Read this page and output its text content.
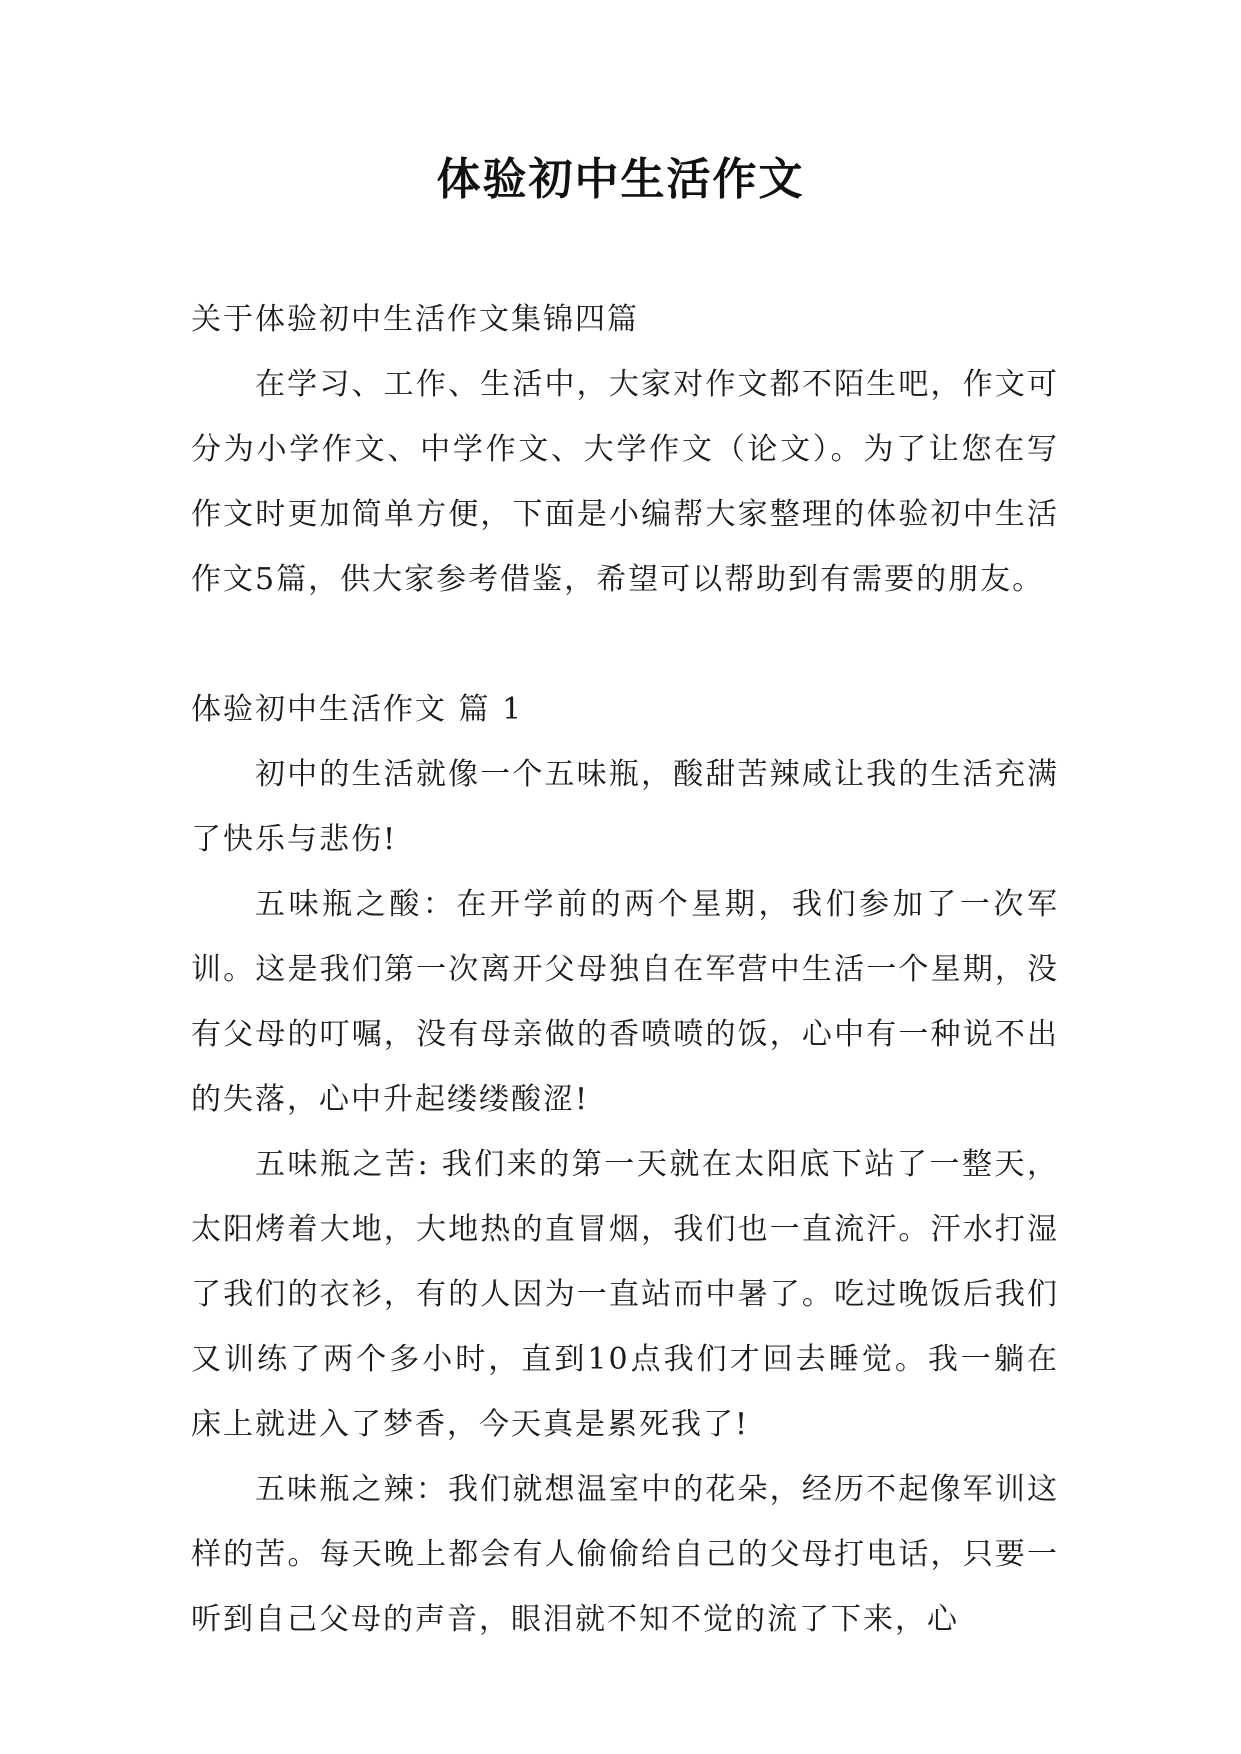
体验初中生活作文

关于体验初中生活作文集锦四篇

在学习、工作、生活中，大家对作文都不陌生吧，作文可分为小学作文、中学作文、大学作文（论文）。为了让您在写作文时更加简单方便，下面是小编帮大家整理的体验初中生活作文5篇，供大家参考借鉴，希望可以帮助到有需要的朋友。

体验初中生活作文 篇 1

初中的生活就像一个五味瓶，酸甜苦辣咸让我的生活充满了快乐与悲伤!

五味瓶之酸：在开学前的两个星期，我们参加了一次军训。这是我们第一次离开父母独自在军营中生活一个星期，没有父母的叮嘱，没有母亲做的香喷喷的饭，心中有一种说不出的失落，心中升起缕缕酸涩!

五味瓶之苦: 我们来的第一天就在太阳底下站了一整天，太阳烤着大地，大地热的直冒烟，我们也一直流汗。汗水打湿了我们的衣衫，有的人因为一直站而中暑了。吃过晚饭后我们又训练了两个多小时，直到10点我们才回去睡觉。我一躺在床上就进入了梦香，今天真是累死我了!

五味瓶之辣：我们就想温室中的花朵，经历不起像军训这样的苦。每天晚上都会有人偷偷给自己的父母打电话，只要一听到自己父母的声音，眼泪就不知不觉的流了下来，心
